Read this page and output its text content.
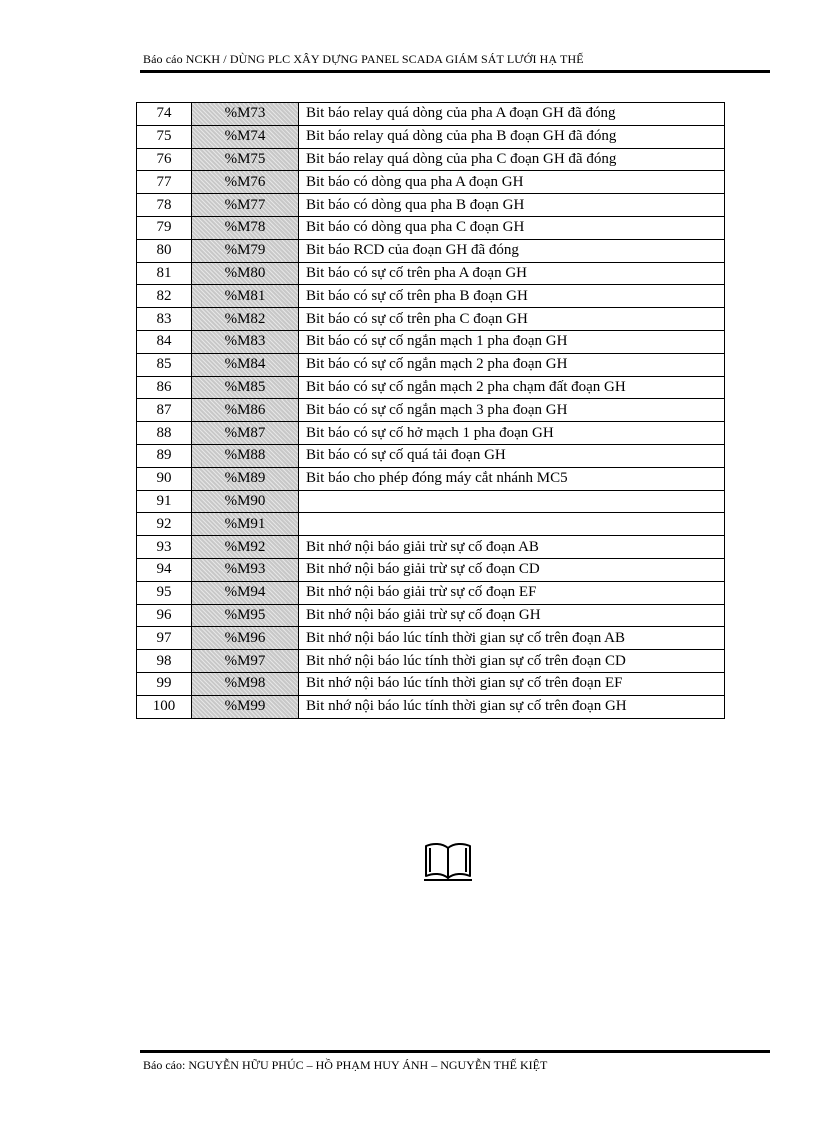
Báo cáo NCKH / DÙNG PLC XÂY DỰNG PANEL SCADA GIÁM SÁT LƯỚI HẠ THẾ
74	%M73	Bit báo relay quá dòng của pha A đoạn GH đã đóng
75	%M74	Bit báo relay quá dòng của pha B đoạn GH đã đóng
76	%M75	Bit báo relay quá dòng của pha C đoạn GH đã đóng
77	%M76	Bit báo có dòng qua pha A đoạn GH
78	%M77	Bit báo có dòng qua pha B đoạn GH
79	%M78	Bit báo có dòng qua pha C đoạn GH
80	%M79	Bit báo RCD của đoạn GH đã đóng
81	%M80	Bit báo có sự cố trên pha A đoạn GH
82	%M81	Bit báo có sự cố trên pha B đoạn GH
83	%M82	Bit báo có sự cố trên pha C đoạn GH
84	%M83	Bit báo có sự cố ngắn mạch 1 pha đoạn GH
85	%M84	Bit báo có sự cố ngắn mạch 2 pha đoạn GH
86	%M85	Bit báo có sự cố ngắn mạch 2 pha chạm đất đoạn GH
87	%M86	Bit báo có sự cố ngắn mạch 3 pha đoạn GH
88	%M87	Bit báo có sự cố hở mạch 1 pha đoạn GH
89	%M88	Bit báo có sự cố quá tải đoạn GH
90	%M89	Bit báo cho phép đóng máy cắt nhánh MC5
91	%M90	
92	%M91	
93	%M92	Bit nhớ nội báo giải trừ sự cố đoạn AB
94	%M93	Bit nhớ nội báo giải trừ sự cố đoạn CD
95	%M94	Bit nhớ nội báo giải trừ sự cố đoạn EF
96	%M95	Bit nhớ nội báo giải trừ sự cố đoạn GH
97	%M96	Bit nhớ nội báo lúc tính thời gian sự cố trên đoạn AB
98	%M97	Bit nhớ nội báo lúc tính thời gian sự cố trên đoạn CD
99	%M98	Bit nhớ nội báo lúc tính thời gian sự cố trên đoạn EF
100	%M99	Bit nhớ nội báo lúc tính thời gian sự cố trên đoạn GH
Báo cáo: NGUYỄN HỮU PHÚC – HỒ PHẠM HUY ÁNH – NGUYỄN THẾ KIỆT
